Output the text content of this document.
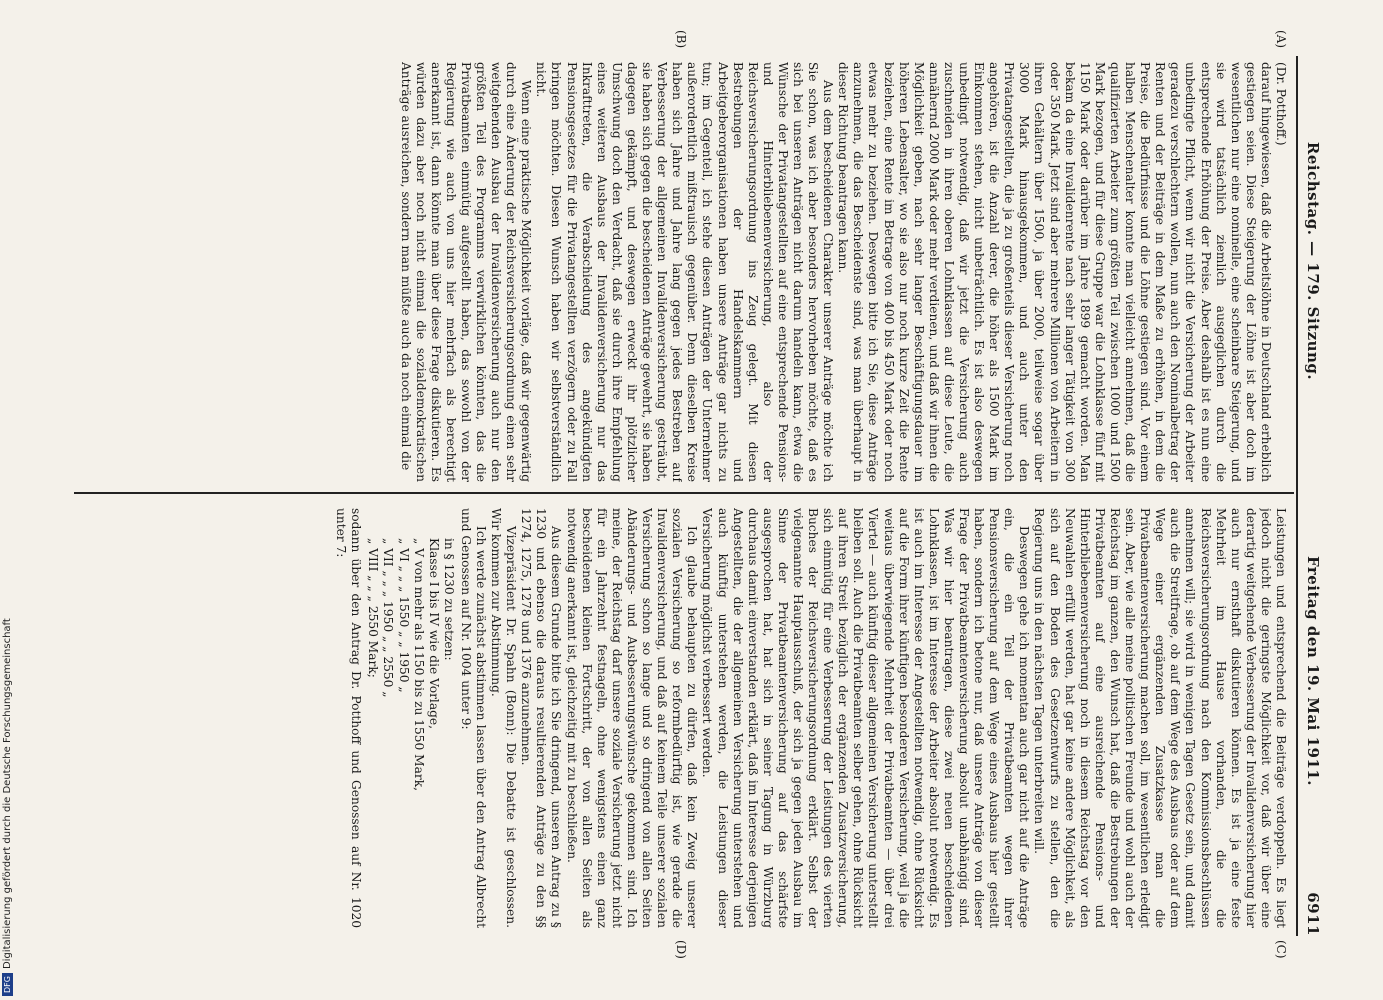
DFGDigitalisierung gefördert durch die Deutsche Forschungsgemeinschaft
Reichstag. — 179. Sitzung.
Freitag den 19. Mai 1911.
6911
(A)
(B)
(C)
(D)

(Dr. Potthoff.)

darauf hingewiesen, daß die Arbeitslöhne in Deutschland erheblich gestiegen seien. Diese Steigerung der Löhne ist aber doch im wesentlichen nur eine nominelle, eine scheinbare Steigerung, und sie wird tatsächlich ziemlich ausgeglichen durch die entsprechende Erhöhung der Preise. Aber deshalb ist es nun eine unbedingte Pflicht, wenn wir nicht die Versicherung der Arbeiter geradezu verschlechtern wollen, nun auch den Nominalbetrag der Renten und der Beiträge in dem Maße zu erhöhen, in dem die Preise, die Bedürfnisse und die Löhne gestiegen sind. Vor einem halben Menschenalter konnte man vielleicht annehmen, daß die qualifizierten Arbeiter zum größten Teil zwischen 1000 und 1500 Mark bezogen, und für diese Gruppe war die Lohnklasse fünf mit 1150 Mark oder darüber im Jahre 1899 gemacht worden. Man bekam da eine Invalidenrente nach sehr langer Tätigkeit von 300 oder 350 Mark. Jetzt sind aber mehrere Millionen von Arbeitern in ihren Gehältern über 1500, ja über 2000, teilweise sogar über 3000 Mark hinausgekommen, und auch unter den Privatangestellten, die ja zu großenteils dieser Versicherung noch angehören, ist die Anzahl derer, die höher als 1500 Mark im Einkommen stehen, nicht unbeträchtlich. Es ist also deswegen unbedingt notwendig, daß wir jetzt die Versicherung auch zuschneiden in ihren oberen Lohnklassen auf diese Leute, die annähernd 2000 Mark oder mehr verdienen, und daß wir ihnen die Möglichkeit geben, nach sehr langer Beschäftigungsdauer im höheren Lebensalter, wo sie also nur noch kurze Zeit die Rente beziehen, eine Rente im Betrage von 400 bis 450 Mark oder noch etwas mehr zu beziehen. Deswegen bitte ich Sie, diese Anträge anzunehmen, die das Bescheidenste sind, was man überhaupt in dieser Richtung beantragen kann.

Aus dem bescheidenen Charakter unserer Anträge möchte ich Sie schon, was ich aber besonders hervorheben möchte, daß es sich bei unseren Anträgen nicht darum handeln kann, etwa die Wünsche der Privatangestellten auf eine entsprechende Pensions- und Hinterbliebenenversicherung, also der Reichsversicherungsordnung ins Zeug gelegt. Mit diesen Bestrebungen der Handelskammern und Arbeitgeberorganisationen haben unsere Anträge gar nichts zu tun; im Gegenteil, ich stehe diesen Anträgen der Unternehmer außerordentlich mißtrauisch gegenüber. Denn dieselben Kreise haben sich Jahre und Jahre lang gegen jedes Bestreben auf Verbesserung der allgemeinen Invalidenversicherung gesträubt, sie haben sich gegen die bescheidenen Anträge gewehrt, sie haben dagegen gekämpft, und deswegen erweckt ihr plötzlicher Umschwung doch den Verdacht, daß sie durch ihre Empfehlung eines weiteren Ausbaus der Invalidenversicherung nur das Inkrafttreten, die Verabschiedung des angekündigten Pensionsgesetzes für die Privatangestellten verzögern oder zu Fall bringen möchten. Diesen Wunsch haben wir selbstverständlich nicht.

Wenn eine praktische Möglichkeit vorläge, daß wir gegenwärtig durch eine Änderung der Reichsversicherungsordnung einen sehr weitgehenden Ausbau der Invalidenversicherung auch nur den größten Teil des Programms verwirklichen könnten, das die Privatbeamten einmütig aufgestellt haben, das sowohl von der Regierung wie auch von uns hier mehrfach als berechtigt anerkannt ist, dann könnte man über diese Frage diskutieren. Es würden dazu aber noch nicht einmal die sozialdemokratischen Anträge ausreichen, sondern man müßte auch da noch einmal die

Leistungen und entsprechend die Beiträge verdoppeln. Es liegt jedoch nicht die geringste Möglichkeit vor, daß wir über eine derartig weitgehende Verbesserung der Invalidenversicherung hier auch nur ernsthaft diskutieren können. Es ist ja eine feste Mehrheit im Hause vorhanden, die die Reichsversicherungsordnung nach den Kommissionsbeschlüssen annehmen will; sie wird in wenigen Tagen Gesetz sein, und damit auch die Streitfrage, ob auf dem Wege des Ausbaus oder auf dem Wege einer ergänzenden Zusatzkasse man die Privatbeamtenversicherung machen soll, im wesentlichen erledigt sein. Aber, wie alle meine politischen Freunde und wohl auch der Reichstag im ganzen, den Wunsch hat, daß die Bestrebungen der Privatbeamten auf eine ausreichende Pensions- und Hinterbliebenenversicherung noch in diesem Reichstag vor den Neuwahlen erfüllt werden, hat gar keine andere Möglichkeit, als sich auf den Boden des Gesetzentwurfs zu stellen, den die Regierung uns in den nächsten Tagen unterbreiten will.

Deswegen gehe ich momentan auch gar nicht auf die Anträge ein, die ein Teil der Privatbeamten wegen ihrer Pensionsversicherung auf dem Wege eines Ausbaus hier gestellt haben, sondern ich betone nur, daß unsere Anträge von dieser Frage der Privatbeamtenversicherung absolut unabhängig sind. Was wir hier beantragen, diese zwei neuen bescheidenen Lohnklassen, ist im Interesse der Arbeiter absolut notwendig. Es ist auch im Interesse der Angestellten notwendig, ohne Rücksicht auf die Form ihrer künftigen besonderen Versicherung, weil ja die weitaus überwiegende Mehrheit der Privatbeamten — über drei Viertel — auch künftig dieser allgemeinen Versicherung unterstellt bleiben soll. Auch die Privatbeamten selber gehen, ohne Rücksicht auf ihren Streit bezüglich der ergänzenden Zusatzversicherung, sich einmütig für eine Verbesserung der Leistungen des vierten Buches der Reichsversicherungsordnung erklärt. Selbst der vielgenannte Hauptausschuß, der sich ja gegen jeden Ausbau im Sinne der Privatbeamtenversicherung auf das schärfste ausgesprochen hat, hat sich in seiner Tagung in Würzburg durchaus damit einverstanden erklärt, daß im Interesse derjenigen Angestellten, die der allgemeinen Versicherung unterstehen und auch künftig unterstehen werden, die Leistungen dieser Versicherung möglichst verbessert werden.

Ich glaube behaupten zu dürfen, daß kein Zweig unserer sozialen Versicherung so reformbedürftig ist, wie gerade die Invalidenversicherung, und daß auf keinem Teile unserer sozialen Versicherung schon so lange und so dringend von allen Seiten Abänderungs- und Ausbesserungswünsche gekommen sind. Ich meine, der Reichstag darf unsere soziale Versicherung jetzt nicht für ein Jahrzehnt festnageln, ohne wenigstens einen ganz bescheidenen kleinen Fortschritt, der von allen Seiten als notwendig anerkannt ist, gleichzeitig mit zu beschließen.

Aus diesem Grunde bitte ich Sie dringend, unseren Antrag zu § 1230 und ebenso die daraus resultierenden Anträge zu den §§ 1274, 1275, 1278 und 1376 anzunehmen.

Vizepräsident Dr. Spahn (Bonn): Die Debatte ist geschlossen. Wir kommen zur Abstimmung.

Ich werde zunächst abstimmen lassen über den Antrag Albrecht und Genossen auf Nr. 1004 unter 9:

in § 1230 zu setzen:
Klasse I bis IV wie die Vorlage,
„ V von mehr als 1150 bis zu 1550 Mark,
„ VI „ „ „ 1550 „ „ 1950 „
„ VII „ „ „ 1950 „ „ 2550 „
„ VIII „ „ „ 2550 Mark;

sodann über den Antrag Dr. Potthoff und Genossen auf Nr. 1020 unter 7:
